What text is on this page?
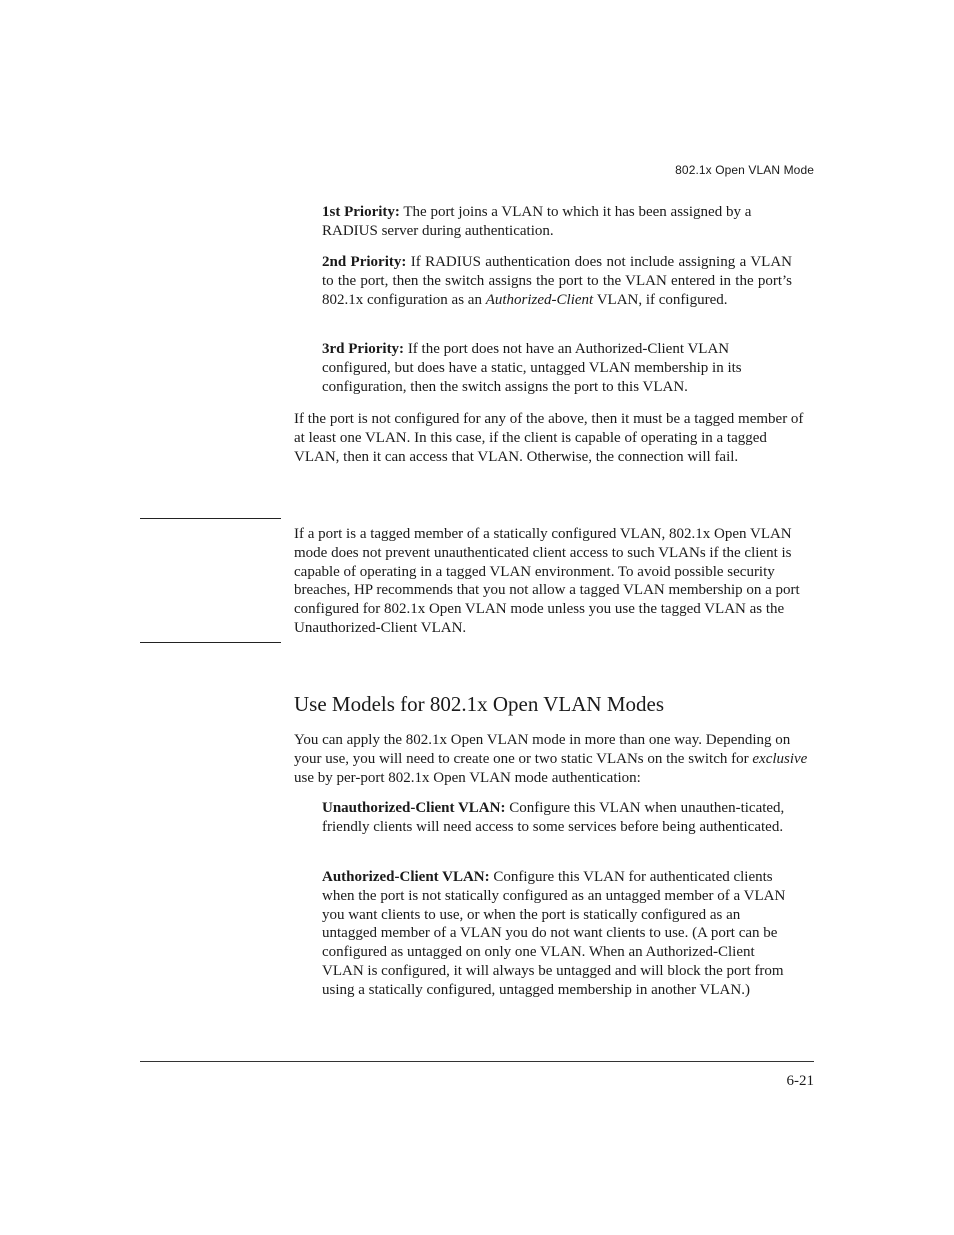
802.1x Open VLAN Mode

1st Priority: The port joins a VLAN to which it has been assigned by a RADIUS server during authentication.

2nd Priority: If RADIUS authentication does not include assigning a VLAN to the port, then the switch assigns the port to the VLAN entered in the port’s 802.1x configuration as an Authorized-Client VLAN, if configured.

3rd Priority: If the port does not have an Authorized-Client VLAN configured, but does have a static, untagged VLAN membership in its configuration, then the switch assigns the port to this VLAN.

If the port is not configured for any of the above, then it must be a tagged member of at least one VLAN. In this case, if the client is capable of operating in a tagged VLAN, then it can access that VLAN. Otherwise, the connection will fail.

If a port is a tagged member of a statically configured VLAN, 802.1x Open VLAN mode does not prevent unauthenticated client access to such VLANs if the client is capable of operating in a tagged VLAN environment. To avoid possible security breaches, HP recommends that you not allow a tagged VLAN membership on a port configured for 802.1x Open VLAN mode unless you use the tagged VLAN as the Unauthorized-Client VLAN.

Use Models for 802.1x Open VLAN Modes

You can apply the 802.1x Open VLAN mode in more than one way. Depending on your use, you will need to create one or two static VLANs on the switch for exclusive use by per-port 802.1x Open VLAN mode authentication:

Unauthorized-Client VLAN: Configure this VLAN when unauthen-ticated, friendly clients will need access to some services before being authenticated.

Authorized-Client VLAN: Configure this VLAN for authenticated clients when the port is not statically configured as an untagged member of a VLAN you want clients to use, or when the port is statically configured as an untagged member of a VLAN you do not want clients to use. (A port can be configured as untagged on only one VLAN. When an Authorized-Client VLAN is configured, it will always be untagged and will block the port from using a statically configured, untagged membership in another VLAN.)

6-21
